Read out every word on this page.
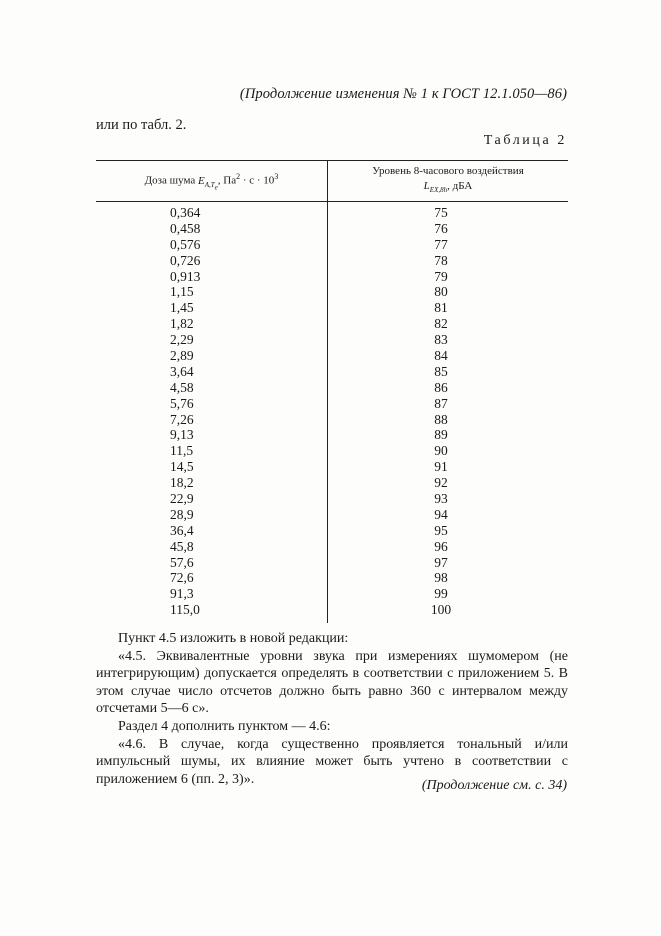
(Продолжение изменения № 1 к ГОСТ 12.1.050—86)
или по табл. 2.
Таблица 2
Доза шума $E_{A,T_e}$, $Па^2 \cdot с \cdot 10^3$	Уровень 8-часового воздействия
$L_{EX,8h}$, дБА
0,364
0,458
0,576
0,726
0,913
1,15
1,45
1,82
2,29
2,89
3,64
4,58
5,76
7,26
9,13
11,5
14,5
18,2
22,9
28,9
36,4
45,8
57,6
72,6
91,3
115,0
75
76
77
78
79
80
81
82
83
84
85
86
87
88
89
90
91
92
93
94
95
96
97
98
99
100

Пункт 4.5 изложить в новой редакции:

«4.5. Эквивалентные уровни звука при измерениях шумомером (не интегрирующим) допускается определять в соответствии с приложением 5. В этом случае число отсчетов должно быть равно 360 с интервалом между отсчетами 5—6 с».

Раздел 4 дополнить пунктом — 4.6:

«4.6. В случае, когда существенно проявляется тональный и/или импульсный шумы, их влияние может быть учтено в соответствии с приложением 6 (пп. 2, 3)».	(Продолжение см. с. 34)
